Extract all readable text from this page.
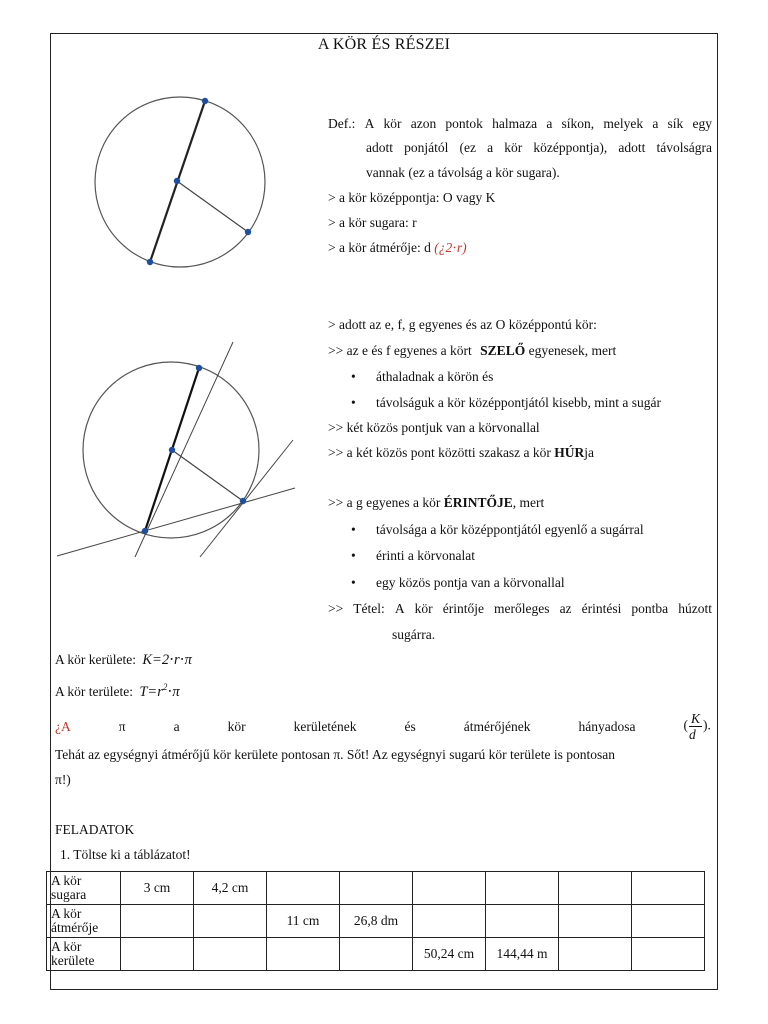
A KÖR ÉS RÉSZEI
Def.: A kör azon pontok halmaza a síkon, melyek a sík egy
adott ponjától (ez a kör középpontja), adott távolságra
vannak (ez a távolság a kör sugara).
> a kör középpontja: O vagy K
> a kör sugara: r
> a kör átmérője: d (¿2⋅r)
> adott az e, f, g egyenes és az O középpontú kör:
>> az e és f egyenes a kört SZELŐ egyenesek, mert
• áthaladnak a körön és
• távolságuk a kör középpontjától kisebb, mint a sugár
>> két közös pontjuk van a körvonallal
>> a két közös pont közötti szakasz a kör HÚRja
>> a g egyenes a kör ÉRINTŐJE, mert
• távolsága a kör középpontjától egyenlő a sugárral
• érinti a körvonalat
• egy közös pontja van a körvonallal
>> Tétel: A kör érintője merőleges az érintési pontba húzott
sugárra.
A kör kerülete: K=2⋅r⋅π
A kör területe: $T=r^2\cdot\pi$
¿A	π	a	kör	kerületének	és	átmérőjének	hányadosa	( $\frac{K}{d}$ ).
Tehát az egységnyi átmérőjű kör kerülete pontosan π. Sőt! Az egységnyi sugarú kör területe is pontosan
π!)
FELADATOK
1. Töltse ki a táblázatot!
A kör sugara	3 cm	4,2 cm						
A kör átmérője			11 cm	26,8 dm				
A kör kerülete					50,24 cm	144,44 m		
